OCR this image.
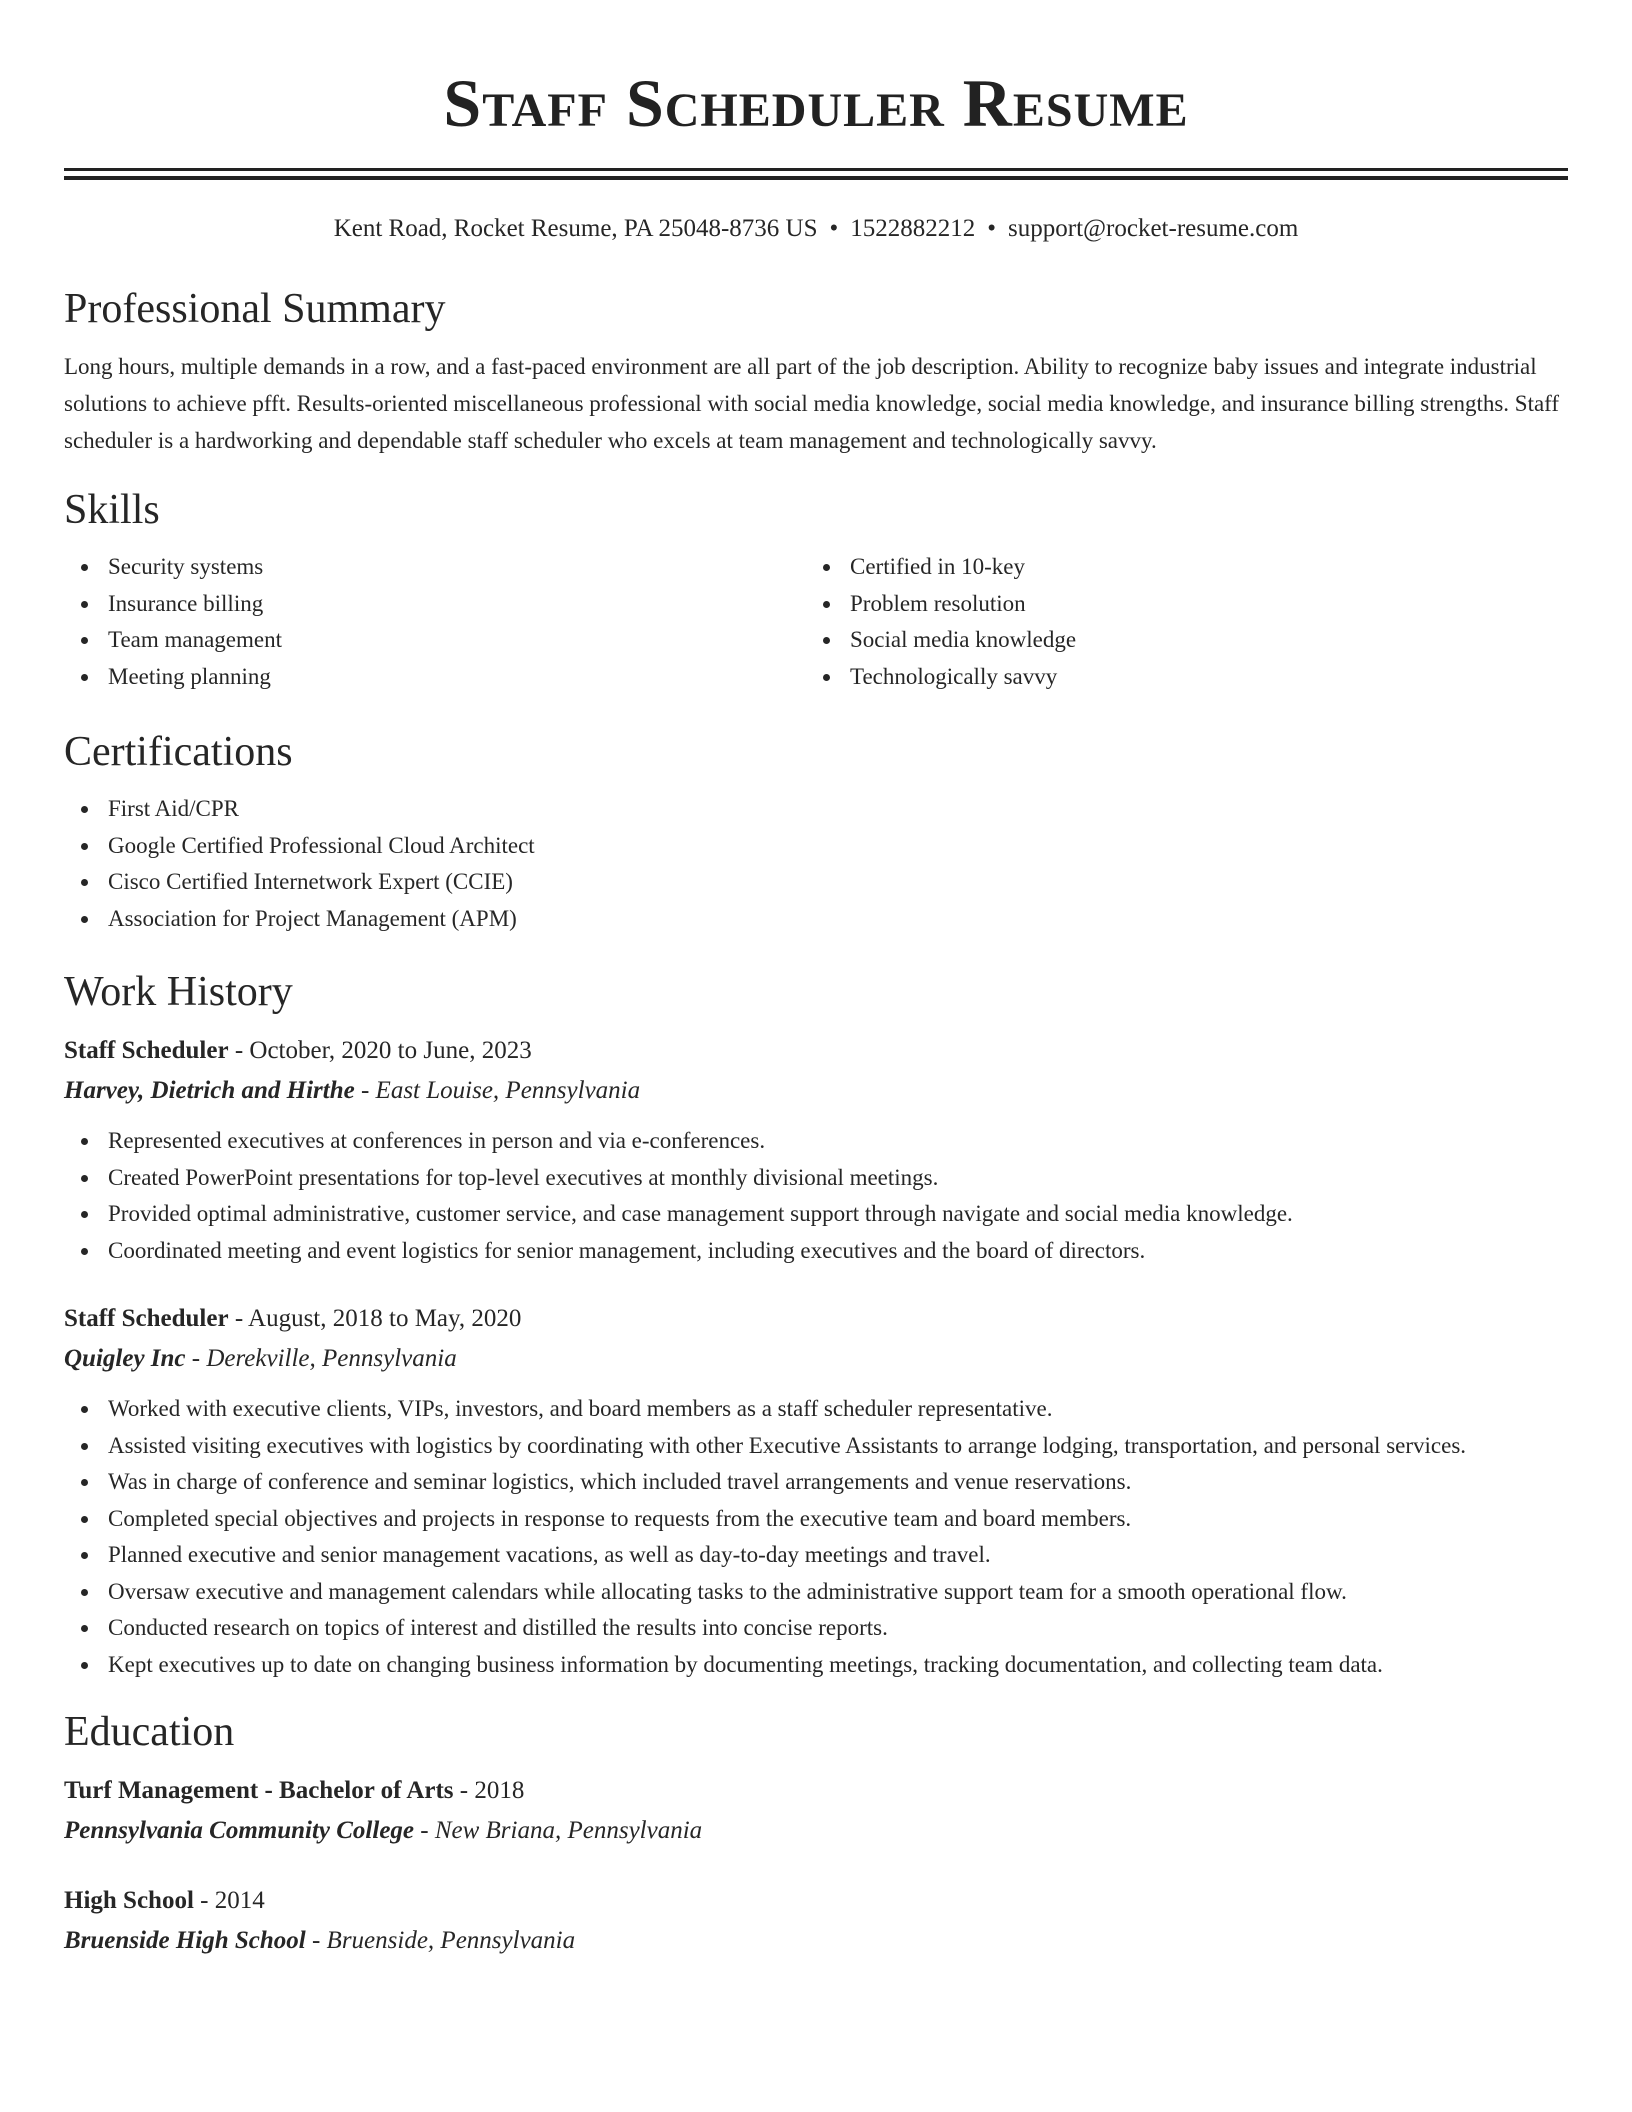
Staff Scheduler Resume
Kent Road, Rocket Resume, PA 25048-8736 US • 1522882212 • support@rocket-resume.com
Professional Summary

Long hours, multiple demands in a row, and a fast-paced environment are all part of the job description. Ability to recognize baby issues and integrate industrial solutions to achieve pfft. Results-oriented miscellaneous professional with social media knowledge, social media knowledge, and insurance billing strengths. Staff scheduler is a hardworking and dependable staff scheduler who excels at team management and technologically savvy.

Skills
Security systems
Insurance billing
Team management
Meeting planning
Certified in 10-key
Problem resolution
Social media knowledge
Technologically savvy
Certifications
First Aid/CPR
Google Certified Professional Cloud Architect
Cisco Certified Internetwork Expert (CCIE)
Association for Project Management (APM)
Work History
Staff Scheduler - October, 2020 to June, 2023
Harvey, Dietrich and Hirthe - East Louise, Pennsylvania
Represented executives at conferences in person and via e-conferences.
Created PowerPoint presentations for top-level executives at monthly divisional meetings.
Provided optimal administrative, customer service, and case management support through navigate and social media knowledge.
Coordinated meeting and event logistics for senior management, including executives and the board of directors.
Staff Scheduler - August, 2018 to May, 2020
Quigley Inc - Derekville, Pennsylvania
Worked with executive clients, VIPs, investors, and board members as a staff scheduler representative.
Assisted visiting executives with logistics by coordinating with other Executive Assistants to arrange lodging, transportation, and personal services.
Was in charge of conference and seminar logistics, which included travel arrangements and venue reservations.
Completed special objectives and projects in response to requests from the executive team and board members.
Planned executive and senior management vacations, as well as day-to-day meetings and travel.
Oversaw executive and management calendars while allocating tasks to the administrative support team for a smooth operational flow.
Conducted research on topics of interest and distilled the results into concise reports.
Kept executives up to date on changing business information by documenting meetings, tracking documentation, and collecting team data.
Education
Turf Management - Bachelor of Arts - 2018
Pennsylvania Community College - New Briana, Pennsylvania
High School - 2014
Bruenside High School - Bruenside, Pennsylvania
